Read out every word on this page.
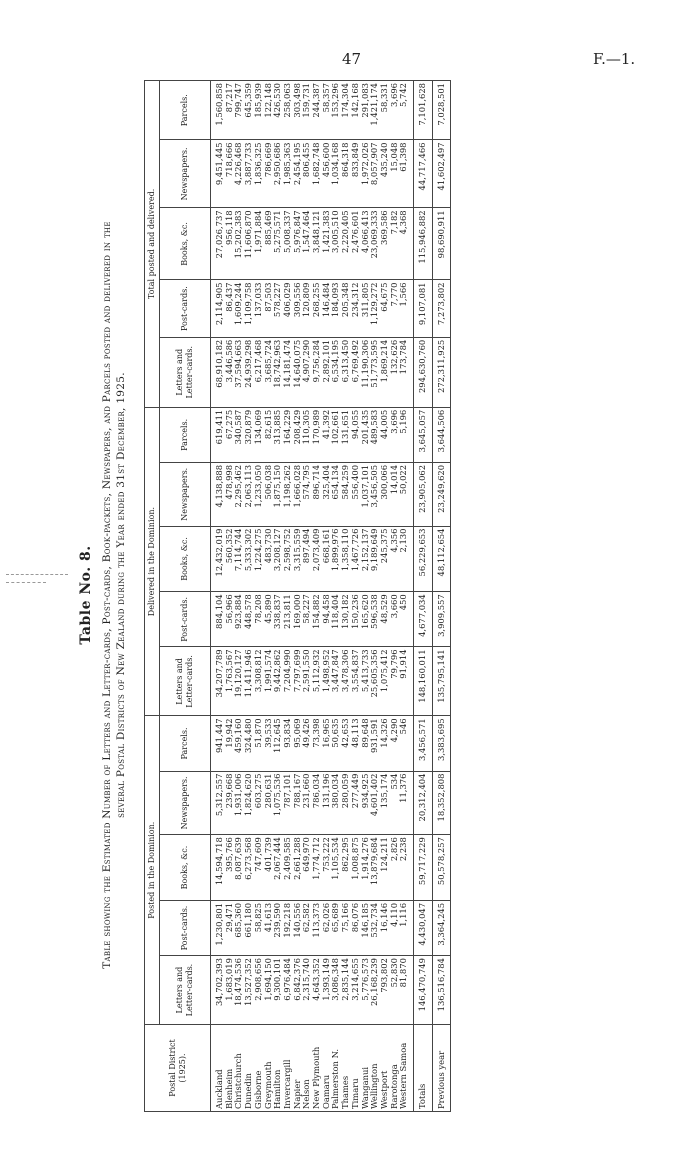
47	F.—1.
Table No. 8. Table showing the Estimated Number of Letters and Letter-cards, Post-cards, Book-packets, Newspapers, and Parcels posted and delivered in the several Postal Districts of New Zealand during the Year ended 31st December, 1925.
Postal District (1925).	Posted in the Dominion.					Delivered in the Dominion.					Total posted and delivered.				
	Letters and Letter-cards.	Post-cards.	Books, &c.	Newspapers.	Parcels.	Letters and Letter-cards.	Post-cards.	Books, &c.	Newspapers.	Parcels.	Letters and Letter-cards.	Post-cards.	Books, &c.	Newspapers.	Parcels.
Auckland	34,702,393	1,230,801	14,594,718	5,312,557	941,447	34,207,789	884,104	12,432,019	4,138,888	619,411	68,910,182	2,114,905	27,026,737	9,451,445	1,560,858
Blenheim	1,683,019	29,471	395,766	239,668	19,942	1,763,567	56,966	560,352	478,998	67,275	3,446,586	86,437	956,118	718,666	87,217
Christchurch	18,474,536	685,360	8,087,639	1,931,006	459,160	19,120,127	923,884	7,114,744	2,295,462	340,587	37,594,663	1,609,244	15,202,383	4,226,468	799,747
Dunedin	13,527,352	661,180	6,273,568	1,824,620	324,480	11,411,946	448,578	5,333,302	2,063,113	320,879	24,939,298	1,109,758	11,606,870	3,887,733	645,359
Gisborne	2,908,656	58,825	747,609	603,275	51,870	3,308,812	78,208	1,224,275	1,233,050	134,069	6,217,468	137,033	1,971,884	1,836,325	185,939
Greymouth	1,694,150	41,613	401,739	280,631	39,533	1,991,574	45,890	483,730	506,038	82,615	3,685,724	87,503	885,469	786,669	122,148
Hamilton	9,300,101	239,590	2,067,444	1,075,536	112,645	9,442,862	338,837	3,208,127	1,875,150	313,885	18,742,963	578,227	5,275,571	2,950,686	426,530
Invercargill	6,976,484	192,218	2,409,585	787,101	93,834	7,204,990	213,811	2,598,752	1,198,262	164,229	14,181,474	406,029	5,008,337	1,985,363	258,063
Napier	6,842,376	140,556	2,661,288	788,167	95,069	7,797,699	169,000	3,315,559	1,666,028	208,429	14,640,075	309,556	5,976,847	2,454,195	303,498
Nelson	2,315,740	62,582	649,970	231,660	49,426	2,591,550	58,227	897,494	574,795	110,305	4,907,290	120,809	1,547,464	806,455	159,731
New Plymouth	4,643,352	113,373	1,774,712	786,034	73,398	5,112,932	154,882	2,073,409	896,714	170,989	9,756,284	268,255	3,848,121	1,682,748	244,387
Oamaru	1,393,149	62,026	753,222	131,196	16,965	1,498,952	94,458	668,161	325,404	41,392	2,892,101	146,484	1,421,383	456,600	58,357
Palmerston N.	3,086,348	65,689	1,105,534	380,034	50,635	3,447,847	118,404	1,899,976	654,134	102,661	6,534,195	184,093	3,005,510	1,034,168	153,296
Thames	2,835,144	75,166	862,295	280,059	42,653	3,478,306	130,182	1,358,110	584,259	131,651	6,313,450	205,348	2,220,405	864,318	174,304
Timaru	3,214,655	86,076	1,008,875	277,449	48,113	3,554,837	150,236	1,467,726	556,400	94,055	6,769,492	234,312	2,476,601	833,849	142,168
Wanganui	5,776,573	146,185	1,914,276	934,925	89,648	5,413,733	165,620	2,152,137	1,037,101	201,435	11,190,306	311,805	4,066,413	1,972,026	291,083
Wellington	26,168,239	532,734	13,879,684	4,601,402	931,591	25,605,356	596,538	9,189,649	3,456,505	489,583	51,773,595	1,129,272	23,069,333	8,057,907	1,421,174
Westport	793,802	16,146	124,211	135,174	14,326	1,075,412	48,529	245,375	300,066	44,005	1,869,214	64,675	369,586	435,240	58,331
Rarotonga	52,830	4,110	2,826	534	4,290	79,796	3,660	4,356	14,014	3,696	132,626	7,770	7,182	15,048	3,696
Western Samoa	81,870	1,116	2,238	11,376	546	91,914	450	2,130	50,022	5,196	173,784	1,566	4,368	61,398	5,742
Totals	146,470,749	4,430,047	59,717,229	20,312,404	3,456,571	148,160,011	4,677,034	56,229,653	23,905,062	3,645,057	294,630,760	9,107,081	115,946,882	44,717,466	7,101,628
Previous year	136,516,784	3,364,245	50,578,257	18,352,808	3,383,695	135,795,141	3,909,557	48,112,654	23,249,620	3,644,506	272,311,925	7,273,802	98,690,911	41,602,497	7,028,501
